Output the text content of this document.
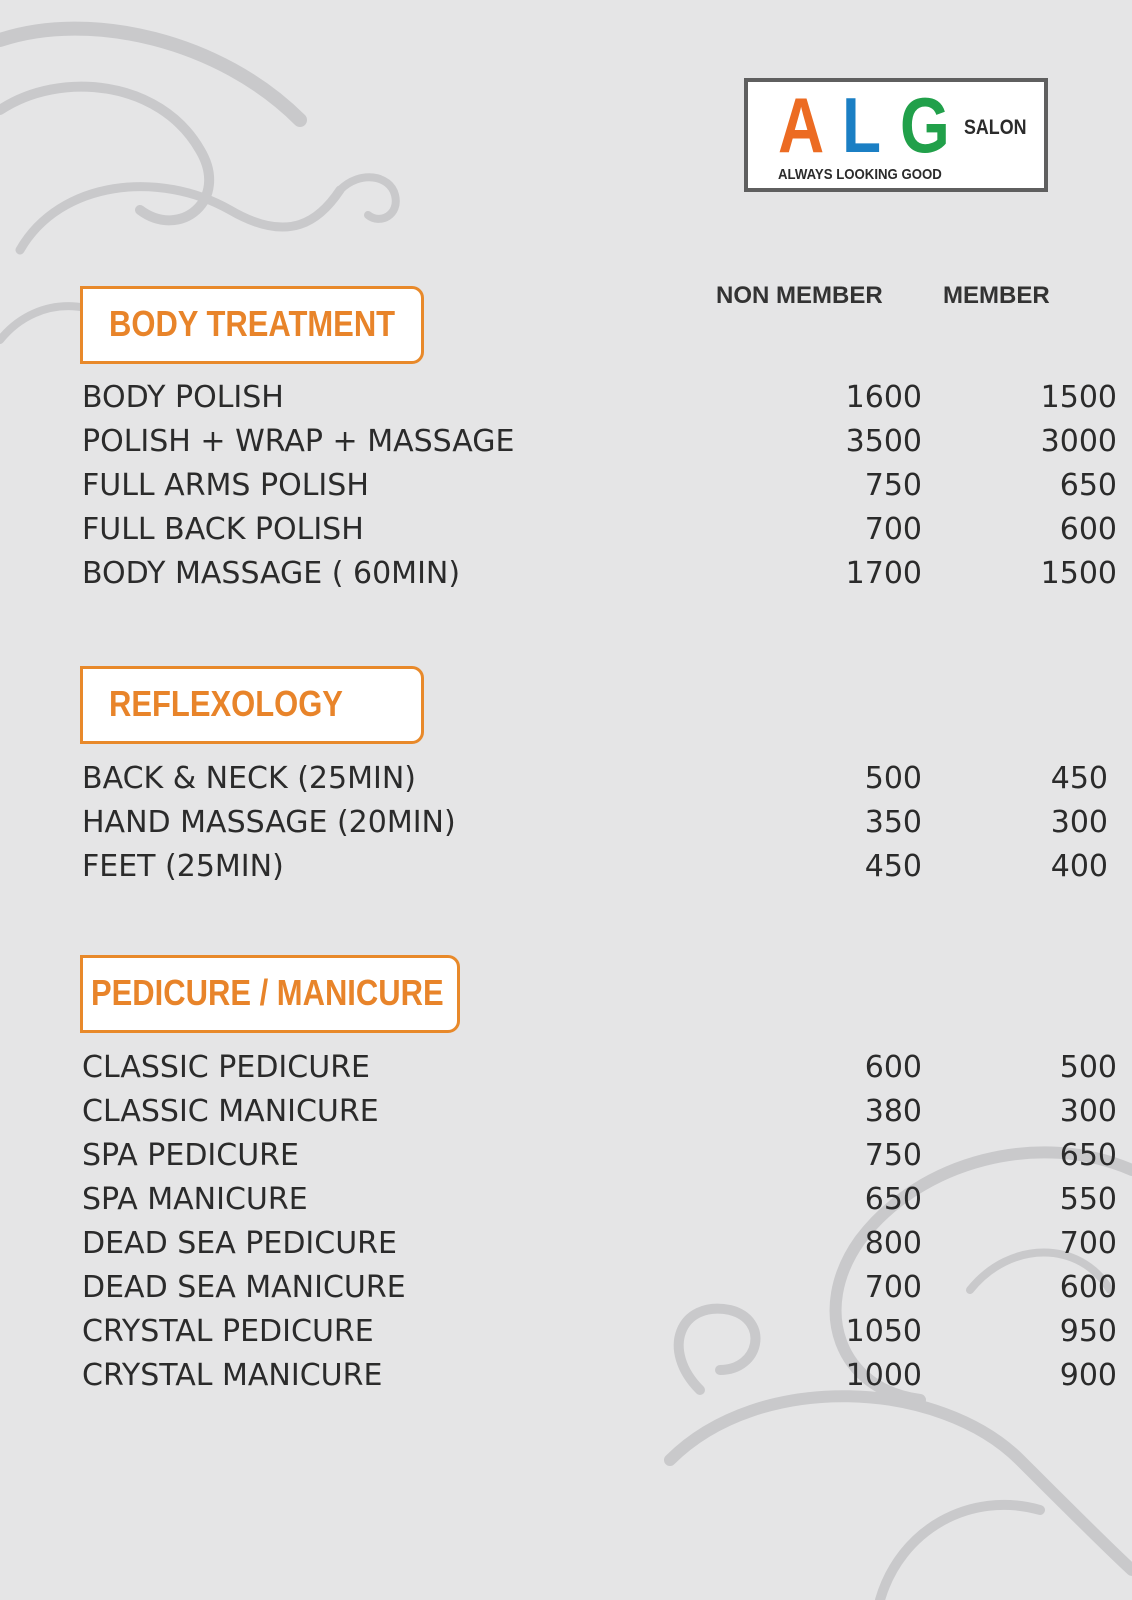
A L G SALON
ALWAYS LOOKING GOOD
NON MEMBER	MEMBER
BODY TREATMENT
BODY POLISH	1600	1500
POLISH + WRAP + MASSAGE	3500	3000
FULL ARMS POLISH	750	650
FULL BACK POLISH	700	600
BODY MASSAGE ( 60MIN)	1700	1500
REFLEXOLOGY
BACK & NECK (25MIN)	500	450
HAND MASSAGE (20MIN)	350	300
FEET (25MIN)	450	400
PEDICURE / MANICURE
CLASSIC PEDICURE	600	500
CLASSIC MANICURE	380	300
SPA PEDICURE	750	650
SPA MANICURE	650	550
DEAD SEA PEDICURE	800	700
DEAD SEA MANICURE	700	600
CRYSTAL PEDICURE	1050	950
CRYSTAL MANICURE	1000	900
